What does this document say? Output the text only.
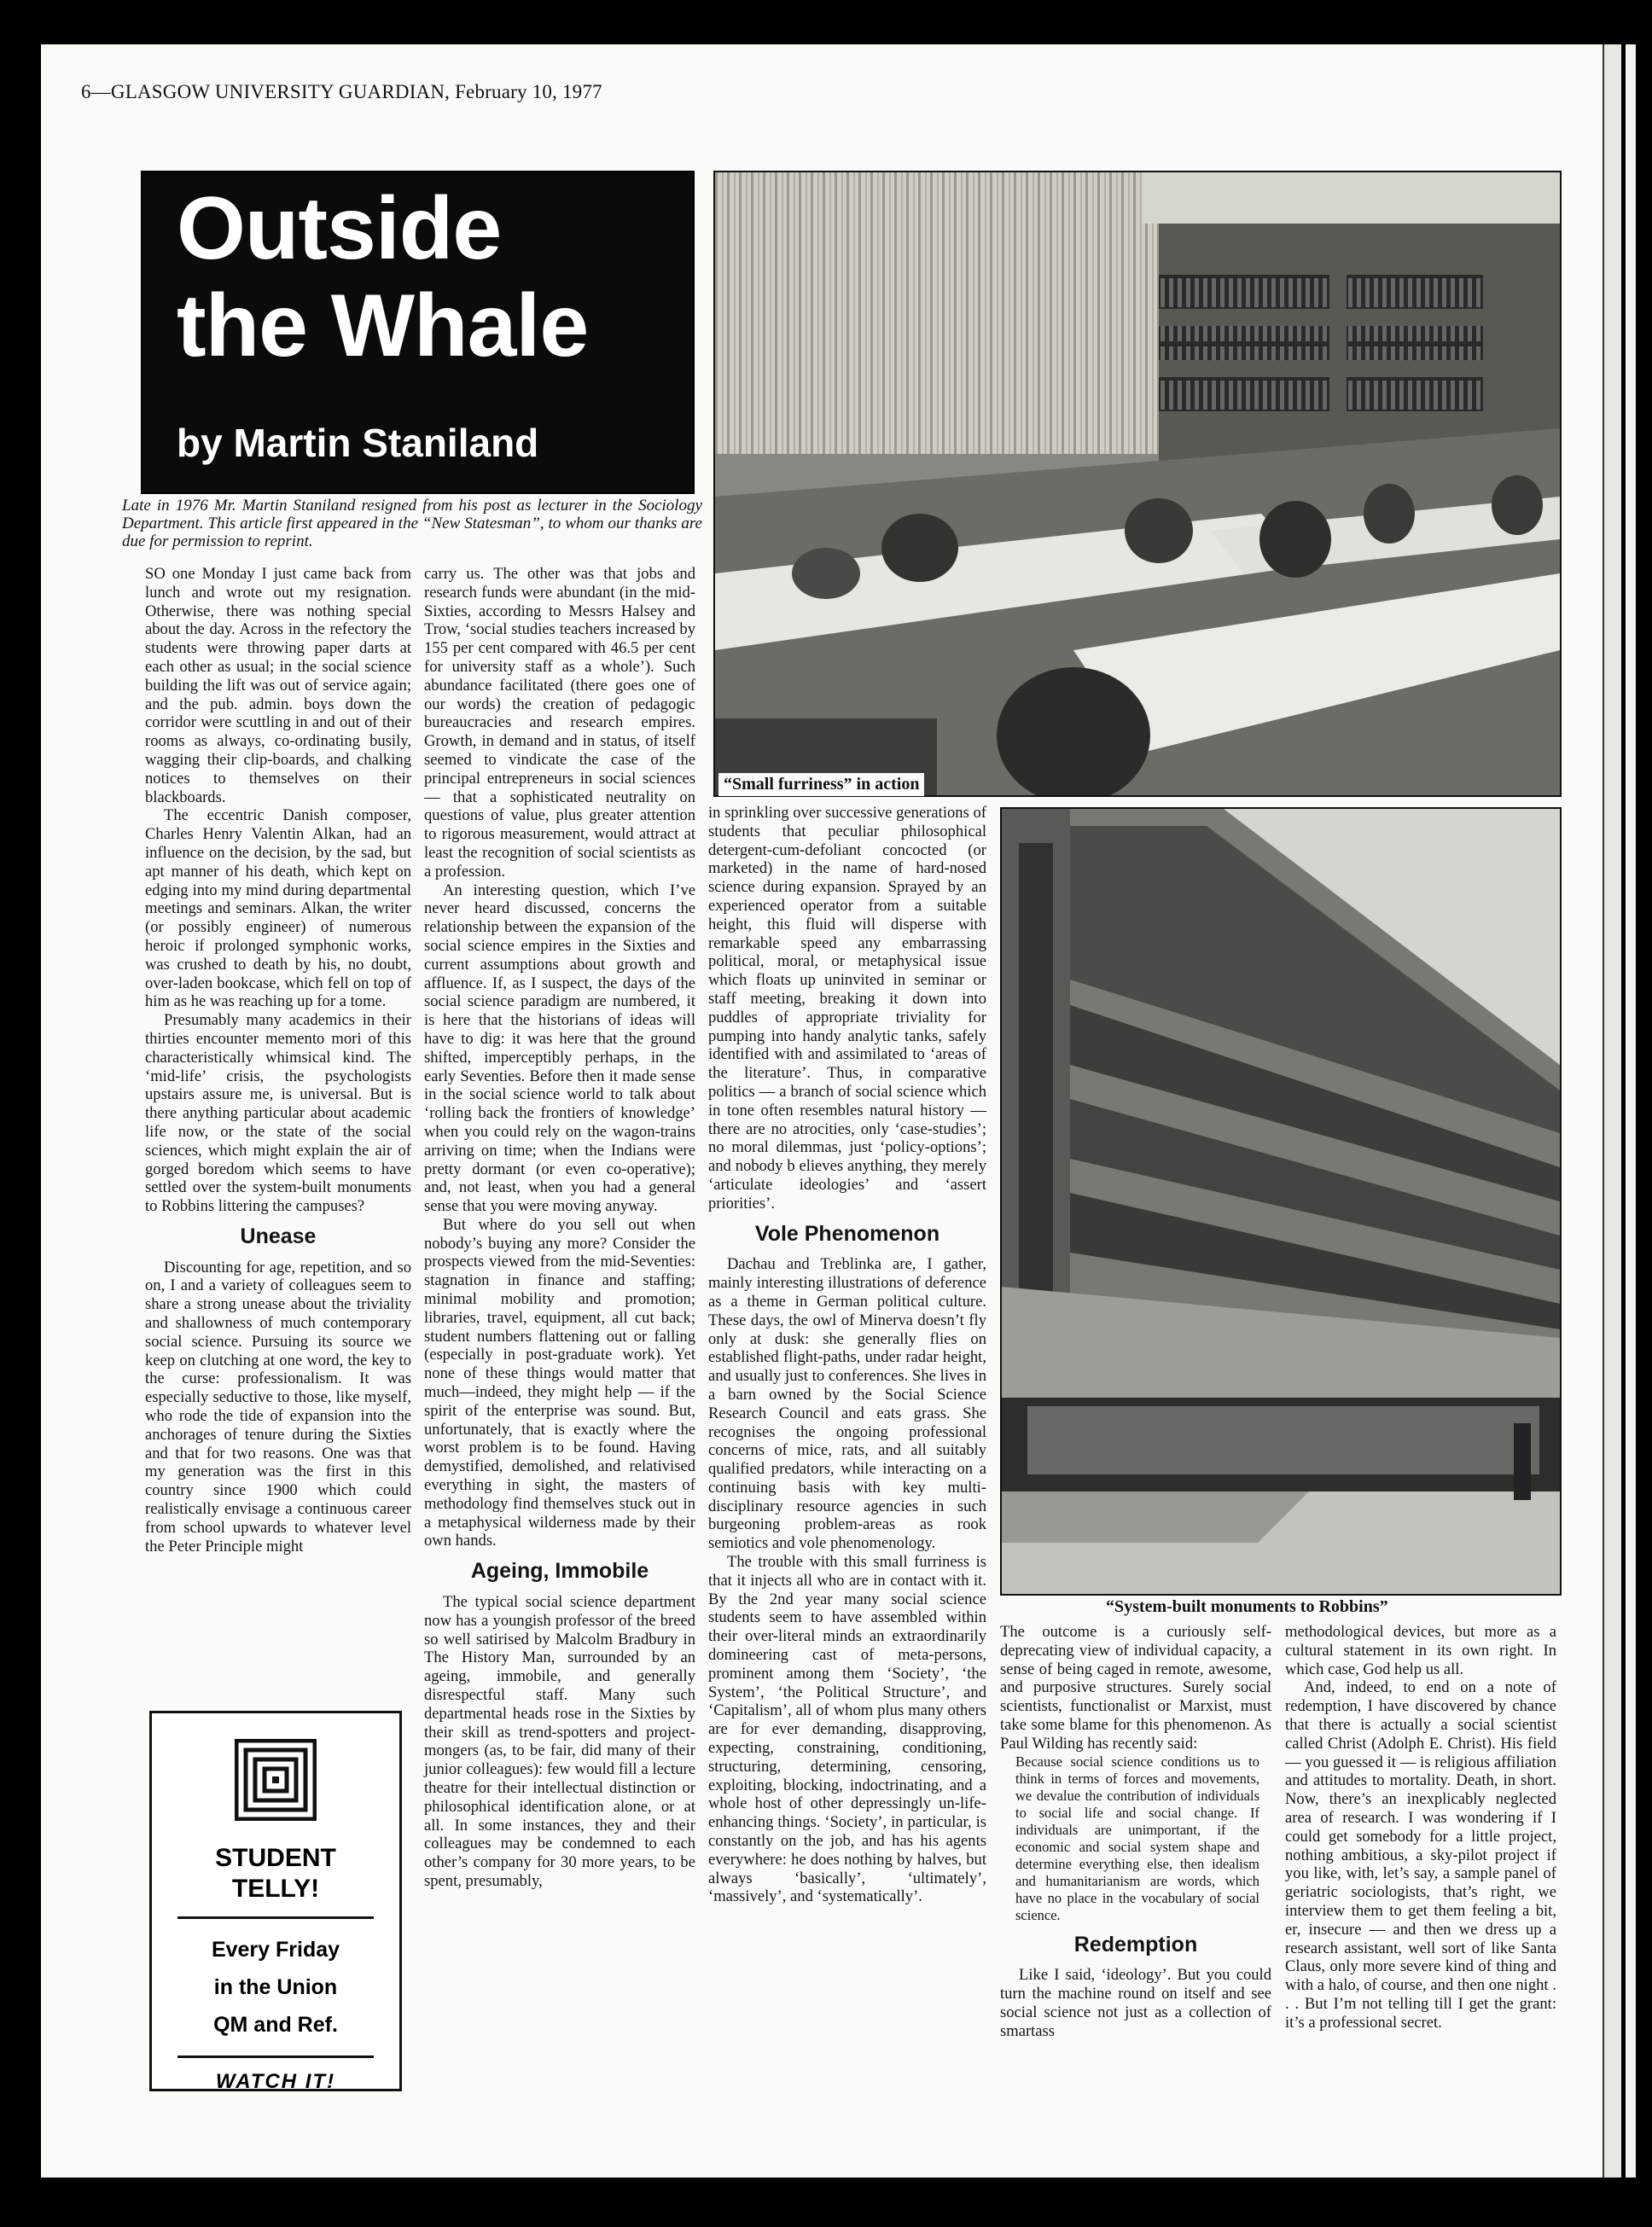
6—GLASGOW UNIVERSITY GUARDIAN, February 10, 1977
Outside
the Whale
by Martin Staniland
Late in 1976 Mr. Martin Staniland resigned from his post as lecturer in the Sociology Department. This article first appeared in the “New Statesman”, to whom our thanks are due for permission to reprint.

SO one Monday I just came back from lunch and wrote out my resignation. Otherwise, there was nothing special about the day. Across in the refectory the students were throwing paper darts at each other as usual; in the social science building the lift was out of service again; and the pub. admin. boys down the corridor were scuttling in and out of their rooms as always, co-ordinating busily, wagging their clip-boards, and chalking notices to themselves on their blackboards.

The eccentric Danish composer, Charles Henry Valentin Alkan, had an influence on the decision, by the sad, but apt manner of his death, which kept on edging into my mind during departmental meetings and seminars. Alkan, the writer (or possibly engineer) of numerous heroic if prolonged symphonic works, was crushed to death by his, no doubt, over-laden bookcase, which fell on top of him as he was reaching up for a tome.

Presumably many academics in their thirties encounter memento mori of this characteristically whimsical kind. The ‘mid-life’ crisis, the psychologists upstairs assure me, is universal. But is there anything particular about academic life now, or the state of the social sciences, which might explain the air of gorged boredom which seems to have settled over the system-built monuments to Robbins littering the campuses?

Unease

Discounting for age, repetition, and so on, I and a variety of colleagues seem to share a strong unease about the triviality and shallowness of much contemporary social science. Pursuing its source we keep on clutching at one word, the key to the curse: professionalism. It was especially seductive to those, like myself, who rode the tide of expansion into the anchorages of tenure during the Sixties and that for two reasons. One was that my generation was the first in this country since 1900 which could realistically envisage a continuous career from school upwards to whatever level the Peter Principle might

carry us. The other was that jobs and research funds were abundant (in the mid-Sixties, according to Messrs Halsey and Trow, ‘social studies teachers increased by 155 per cent compared with 46.5 per cent for university staff as a whole’). Such abundance facilitated (there goes one of our words) the creation of pedagogic bureaucracies and research empires. Growth, in demand and in status, of itself seemed to vindicate the case of the principal entrepreneurs in social sciences — that a sophisticated neutrality on questions of value, plus greater attention to rigorous measurement, would attract at least the recognition of social scientists as a profession.

An interesting question, which I’ve never heard discussed, concerns the relationship between the expansion of the social science empires in the Sixties and current assumptions about growth and affluence. If, as I suspect, the days of the social science paradigm are numbered, it is here that the historians of ideas will have to dig: it was here that the ground shifted, imperceptibly perhaps, in the early Seventies. Before then it made sense in the social science world to talk about ‘rolling back the frontiers of knowledge’ when you could rely on the wagon-trains arriving on time; when the Indians were pretty dormant (or even co-operative); and, not least, when you had a general sense that you were moving anyway.

But where do you sell out when nobody’s buying any more? Consider the prospects viewed from the mid-Seventies: stagnation in finance and staffing; minimal mobility and promotion; libraries, travel, equipment, all cut back; student numbers flattening out or falling (especially in post-graduate work). Yet none of these things would matter that much—indeed, they might help — if the spirit of the enterprise was sound. But, unfortunately, that is exactly where the worst problem is to be found. Having demystified, demolished, and relativised everything in sight, the masters of methodology find themselves stuck out in a metaphysical wilderness made by their own hands.

Ageing, Immobile

The typical social science department now has a youngish professor of the breed so well satirised by Malcolm Bradbury in The History Man, surrounded by an ageing, immobile, and generally disrespectful staff. Many such departmental heads rose in the Sixties by their skill as trend-spotters and project-mongers (as, to be fair, did many of their junior colleagues): few would fill a lecture theatre for their intellectual distinction or philosophical identification alone, or at all. In some instances, they and their colleagues may be condemned to each other’s company for 30 more years, to be spent, presumably,

in sprinkling over successive generations of students that peculiar philosophical detergent-cum-defoliant concocted (or marketed) in the name of hard-nosed science during expansion. Sprayed by an experienced operator from a suitable height, this fluid will disperse with remarkable speed any embarrassing political, moral, or metaphysical issue which floats up uninvited in seminar or staff meeting, breaking it down into puddles of appropriate triviality for pumping into handy analytic tanks, safely identified with and assimilated to ‘areas of the literature’. Thus, in comparative politics — a branch of social science which in tone often resembles natural history — there are no atrocities, only ‘case-studies’; no moral dilemmas, just ‘policy-options’; and nobody b elieves anything, they merely ‘articulate ideologies’ and ‘assert priorities’.

Vole Phenomenon

Dachau and Treblinka are, I gather, mainly interesting illustrations of deference as a theme in German political culture. These days, the owl of Minerva doesn’t fly only at dusk: she generally flies on established flight-paths, under radar height, and usually just to conferences. She lives in a barn owned by the Social Science Research Council and eats grass. She recognises the ongoing professional concerns of mice, rats, and all suitably qualified predators, while interacting on a continuing basis with key multi-disciplinary resource agencies in such burgeoning problem-areas as rook semiotics and vole phenomenology.

The trouble with this small furriness is that it injects all who are in contact with it. By the 2nd year many social science students seem to have assembled within their over-literal minds an extraordinarily domineering cast of meta-persons, prominent among them ‘Society’, ‘the System’, ‘the Political Structure’, and ‘Capitalism’, all of whom plus many others are for ever demanding, disapproving, expecting, constraining, conditioning, structuring, determining, censoring, exploiting, blocking, indoctrinating, and a whole host of other depressingly un-life-enhancing things. ‘Society’, in particular, is constantly on the job, and has his agents everywhere: he does nothing by halves, but always ‘basically’, ‘ultimately’, ‘massively’, and ‘systematically’.

“Small furriness” in action
“System-built monuments to Robbins”

The outcome is a curiously self-deprecating view of individual capacity, a sense of being caged in remote, awesome, and purposive structures. Surely social scientists, functionalist or Marxist, must take some blame for this phenomenon. As Paul Wilding has recently said:

Because social science conditions us to think in terms of forces and movements, we devalue the contribution of individuals to social life and social change. If individuals are unimportant, if the economic and social system shape and determine everything else, then idealism and humanitarianism are words, which have no place in the vocabulary of social science.

Redemption

Like I said, ‘ideology’. But you could turn the machine round on itself and see social science not just as a collection of smartass

methodological devices, but more as a cultural statement in its own right. In which case, God help us all.

And, indeed, to end on a note of redemption, I have discovered by chance that there is actually a social scientist called Christ (Adolph E. Christ). His field — you guessed it — is religious affiliation and attitudes to mortality. Death, in short. Now, there’s an inexplicably neglected area of research. I was wondering if I could get somebody for a little project, nothing ambitious, a sky-pilot project if you like, with, let’s say, a sample panel of geriatric sociologists, that’s right, we interview them to get them feeling a bit, er, insecure — and then we dress up a research assistant, well sort of like Santa Claus, only more severe kind of thing and with a halo, of course, and then one night . . . But I’m not telling till I get the grant: it’s a professional secret.

STUDENT
TELLY!
Every Friday
in the Union
QM and Ref.
WATCH IT!
